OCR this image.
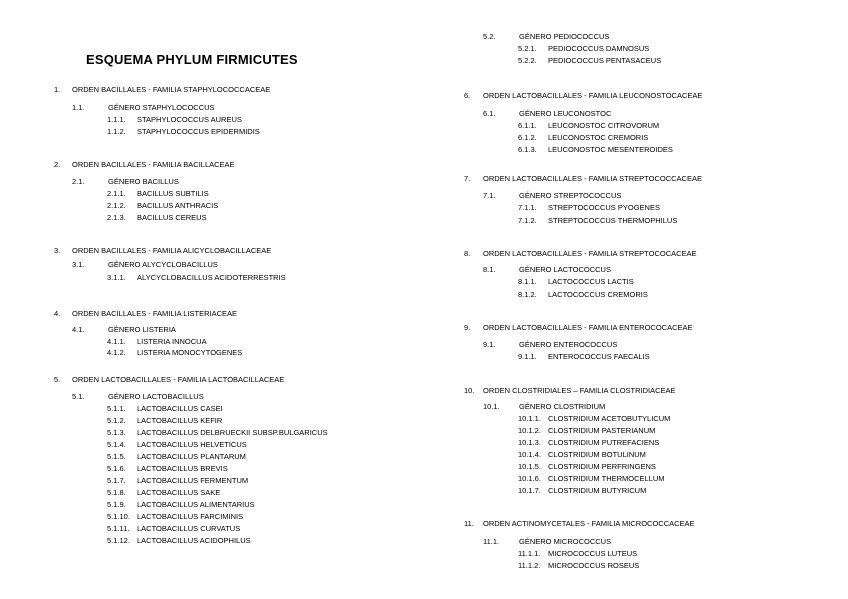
ESQUEMA PHYLUM FIRMICUTES
1. ORDEN BACILLALES - FAMILIA STAPHYLOCOCCACEAE
1.1.	GÉNERO STAPHYLOCOCCUS
1.1.1. STAPHYLOCOCCUS AUREUS
1.1.2. STAPHYLOCOCCUS EPIDERMIDIS
2. ORDEN BACILLALES - FAMILIA BACILLACEAE
2.1.	GÉNERO BACILLUS
2.1.1. BACILLUS SUBTILIS
2.1.2. BACILLUS ANTHRACIS
2.1.3. BACILLUS CEREUS
3. ORDEN BACILLALES - FAMILIA ALICYCLOBACILLACEAE
3.1.	GÉNERO ALYCYCLOBACILLUS
3.1.1. ALYCYCLOBACILLUS ACIDOTERRESTRIS
4. ORDEN BACILLALES - FAMILIA LISTERIACEAE
4.1.	GÉNERO LISTERIA
4.1.1. LISTERIA INNOCUA
4.1.2. LISTERIA MONOCYTOGENES
5. ORDEN LACTOBACILLALES - FAMILIA LACTOBACILLACEAE
5.1.	GÉNERO LACTOBACILLUS
5.1.1. LACTOBACILLUS CASEI
5.1.2. LACTOBACILLUS KEFIR
5.1.3. LACTOBACILLUS DELBRUECKII SUBSP.BULGARICUS
5.1.4. LACTOBACILLUS HELVETICUS
5.1.5. LACTOBACILLUS PLANTARUM
5.1.6. LACTOBACILLUS BREVIS
5.1.7. LACTOBACILLUS FERMENTUM
5.1.8. LACTOBACILLUS SAKE
5.1.9. LACTOBACILLUS ALIMENTARIUS
5.1.10. LACTOBACILLUS FARCIMINIS
5.1.11. LACTOBACILLUS CURVATUS
5.1.12. LACTOBACILLUS ACIDOPHILUS
5.2.	GÉNERO PEDIOCOCCUS
5.2.1. PEDIOCOCCUS DAMNOSUS
5.2.2. PEDIOCOCCUS PENTASACEUS
6. ORDEN LACTOBACILLALES - FAMILIA LEUCONOSTOCACEAE
6.1.	GÉNERO LEUCONOSTOC
6.1.1. LEUCONOSTOC CITROVORUM
6.1.2. LEUCONOSTOC CREMORIS
6.1.3. LEUCONOSTOC MESENTEROIDES
7. ORDEN LACTOBACILLALES - FAMILIA STREPTOCOCCACEAE
7.1.	GÉNERO STREPTOCOCCUS
7.1.1. STREPTOCOCCUS PYOGENES
7.1.2. STREPTOCOCCUS THERMOPHILUS
8. ORDEN LACTOBACILLALES - FAMILIA STREPTOCOCACEAE
8.1.	GÉNERO LACTOCOCCUS
8.1.1. LACTOCOCCUS LACTIS
8.1.2. LACTOCOCCUS CREMORIS
9. ORDEN LACTOBACILLALES - FAMILIA ENTEROCOCACEAE
9.1.	GÉNERO ENTEROCOCCUS
9.1.1. ENTEROCOCCUS FAECALIS
10. ORDEN CLOSTRIDIALES – FAMILIA CLOSTRIDIACEAE
10.1.	GÉNERO CLOSTRIDIUM
10.1.1. CLOSTRIDIUM ACETOBUTYLICUM
10.1.2. CLOSTRIDIUM PASTERIANUM
10.1.3. CLOSTRIDIUM PUTREFACIENS
10.1.4. CLOSTRIDIUM BOTULINUM
10.1.5. CLOSTRIDIUM PERFRINGENS
10.1.6. CLOSTRIDIUM THERMOCELLUM
10.1.7. CLOSTRIDIUM BUTYRICUM
11. ORDEN ACTINOMYCETALES - FAMILIA MICROCOCCACEAE
11.1.	GÉNERO MICROCOCCUS
11.1.1. MICROCOCCUS LUTEUS
11.1.2. MICROCOCCUS ROSEUS
